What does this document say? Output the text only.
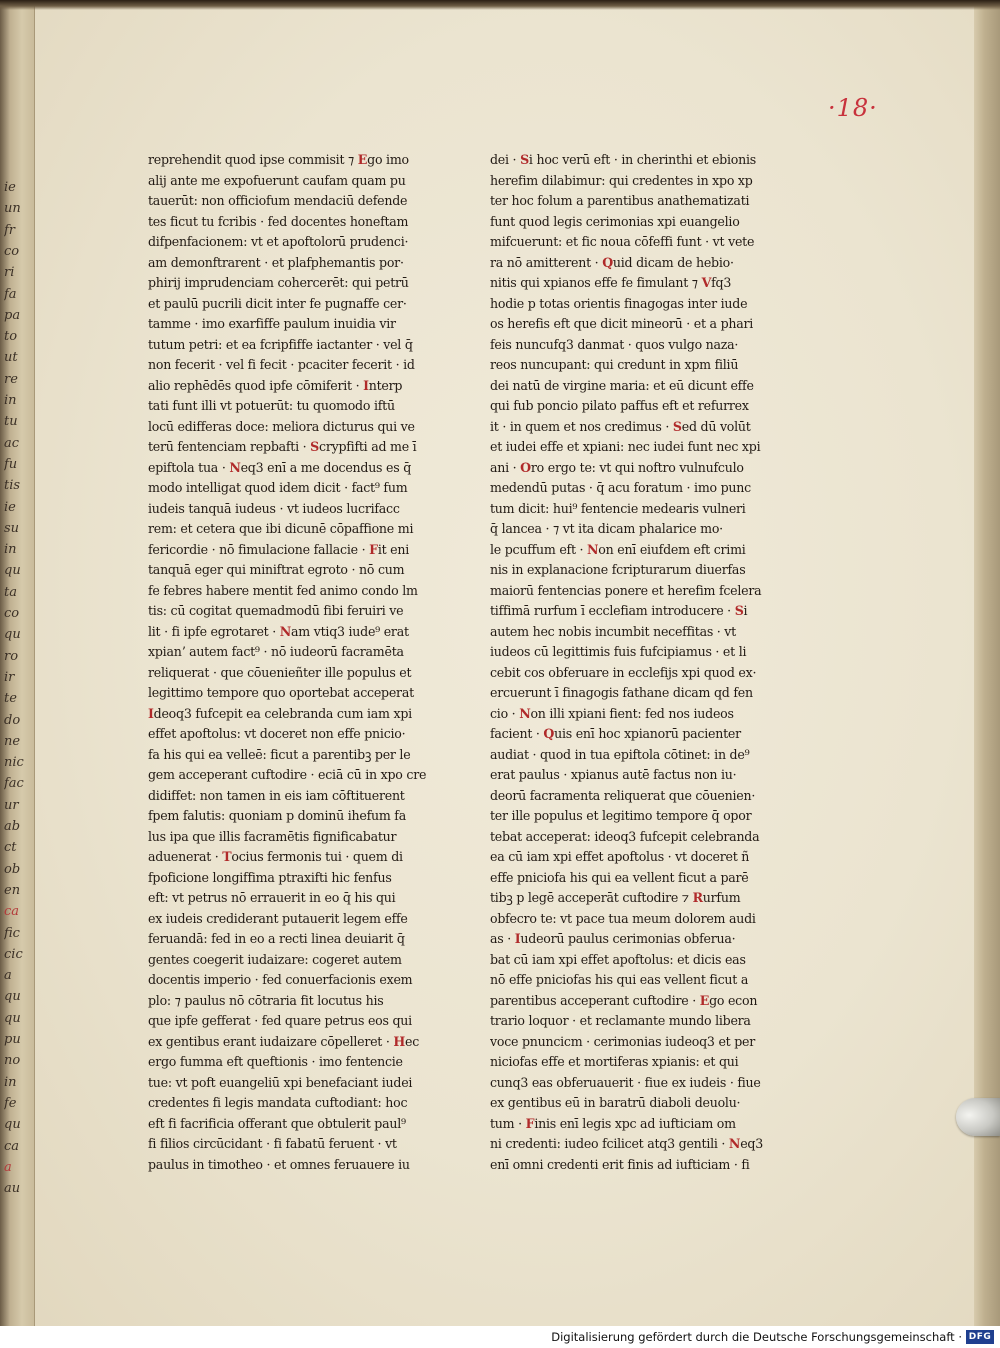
ie
un
fr
co
ri
fa
pa
to
ut
re
in
tu
ac
fu
tis
ie
su
in
qu
ta
co
qu
ro
ir
te
do
ne
nic
fac
ur
ab
ct
ob
en
ca
fic
cic
a
qu
qu
pu
no
in
fe
qu
ca
a
au
·18·
reprehendit quod ipse commisit ⁊ Ego imo
alij ante me expofuerunt caufam quam pu
tauerūt: non officiofum mendaciū defende
tes ficut tu fcribis · fed docentes honeftam
difpenfacionem: vt et apoftolorū prudenci·
am demonftrarent · et plafphemantis por·
phirij imprudenciam cohercerēt: qui petrū
et paulū pucrili dicit inter fe pugnaffe cer·
tamme · imo exarfiffe paulum inuidia vir
tutum petri: et ea fcripfiffe iactanter · vel q̄
non fecerit · vel fi fecit · pcaciter fecerit · id
alio rephēdēs quod ipfe cōmiferit · Interp
tati funt illi vt potuerūt: tu quomodo iftū
locū edifferas doce: meliora dicturus qui ve
terū fentenciam repbafti · Scrypfifti ad me ī
epiftola tua · Neq3 enī a me docendus es q̄
modo intelligat quod idem dicit · fact⁹ fum
iudeis tanquā iudeus · vt iudeos lucrifacc
rem: et cetera que ibi dicunē cōpaffione mi
fericordie · nō fimulacione fallacie · Fit eni
tanquā eger qui miniftrat egroto · nō cum
fe febres habere mentit fed animo condo lm
tis: cū cogitat quemadmodū fibi feruiri ve
lit · fi ipfe egrotaret · Nam vtiq3 iude⁹ erat
xpianʼ autem fact⁹ · nō iudeorū facramēta
reliquerat · que cōuenieñter ille populus et
legittimo tempore quo oportebat acceperat
Ideoq3 fufcepit ea celebranda cum iam xpi
effet apoftolus: vt doceret non effe pnicio·
fa his qui ea velleē: ficut a parentibꝫ per le
gem acceperant cuftodire · eciā cū in xpo cre
didiffet: non tamen in eis iam cōftituerent
fpem falutis: quoniam p dominū ihefum fa
lus ipa que illis facramētis fignificabatur
aduenerat · Tocius fermonis tui · quem di
fpoficione longiffima ptraxifti hic fenfus
eft: vt petrus nō errauerit in eo q̄ his qui
ex iudeis crediderant putauerit legem effe
feruandā: fed in eo a recti linea deuiarit q̄
gentes coegerit iudaizare: cogeret autem
docentis imperio · fed conuerfacionis exem
plo: ⁊ paulus nō cōtraria fit locutus his
que ipfe gefferat · fed quare petrus eos qui
ex gentibus erant iudaizare cōpelleret · Hec
ergo fumma eft queftionis · imo fentencie
tue: vt poft euangeliū xpi benefaciant iudei
credentes fi legis mandata cuftodiant: hoc
eft fi facrificia offerant que obtulerit paul⁹
fi filios circūcidant · fi fabatū feruent · vt
paulus in timotheo · et omnes feruauere iu
dei · Si hoc verū eft · in cherinthi et ebionis
herefim dilabimur: qui credentes in xpo xp
ter hoc folum a parentibus anathematizati
funt quod legis cerimonias xpi euangelio
mifcuerunt: et fic noua cōfeffi funt · vt vete
ra nō amitterent · Quid dicam de hebio·
nitis qui xpianos effe fe fimulant ⁊ Vfq3
hodie p totas orientis finagogas inter iude
os herefis eft que dicit mineorū · et a phari
feis nuncufq3 danmat · quos vulgo naza·
reos nuncupant: qui credunt in xpm filiū
dei natū de virgine maria: et eū dicunt effe
qui fub poncio pilato paffus eft et refurrex
it · in quem et nos credimus · Sed dū volūt
et iudei effe et xpiani: nec iudei funt nec xpi
ani · Oro ergo te: vt qui noftro vulnufculo
medendū putas · q̄ acu foratum · imo punc
tum dicit: hui⁹ fentencie medearis vulneri
q̄ lancea · ⁊ vt ita dicam phalarice mo·
le pcuffum eft · Non enī eiufdem eft crimi
nis in explanacione fcripturarum diuerfas
maiorū fentencias ponere et herefim fcelera
tiffimā rurfum ī ecclefiam introducere · Si
autem hec nobis incumbit neceffitas · vt
iudeos cū legittimis fuis fufcipiamus · et li
cebit cos obferuare in ecclefijs xpi quod ex·
ercuerunt ī finagogis fathane dicam qd fen
cio · Non illi xpiani fient: fed nos iudeos
facient · Quis enī hoc xpianorū pacienter
audiat · quod in tua epiftola cōtinet: in de⁹
erat paulus · xpianus autē factus non iu·
deorū facramenta reliquerat que cōuenien·
ter ille populus et legitimo tempore q̄ opor
tebat acceperat: ideoq3 fufcepit celebranda
ea cū iam xpi effet apoftolus · vt doceret ñ
effe pniciofa his qui ea vellent ficut a parē
tibꝫ p legē acceperāt cuftodire ⁊ Rurfum
obfecro te: vt pace tua meum dolorem audi
as · Iudeorū paulus cerimonias obferua·
bat cū iam xpi effet apoftolus: et dicis eas
nō effe pniciofas his qui eas vellent ficut a
parentibus acceperant cuftodire · Ego econ
trario loquor · et reclamante mundo libera
voce pnuncicm · cerimonias iudeoq3 et per
niciofas effe et mortiferas xpianis: et qui
cunq3 eas obferuauerit · fiue ex iudeis · fiue
ex gentibus eū in baratrū diaboli deuolu·
tum · Finis enī legis xpc ad iufticiam om
ni credenti: iudeo fcilicet atq3 gentili · Neq3
enī omni credenti erit finis ad iufticiam · fi
Digitalisierung gefördert durch die Deutsche Forschungsgemeinschaft · DFG
